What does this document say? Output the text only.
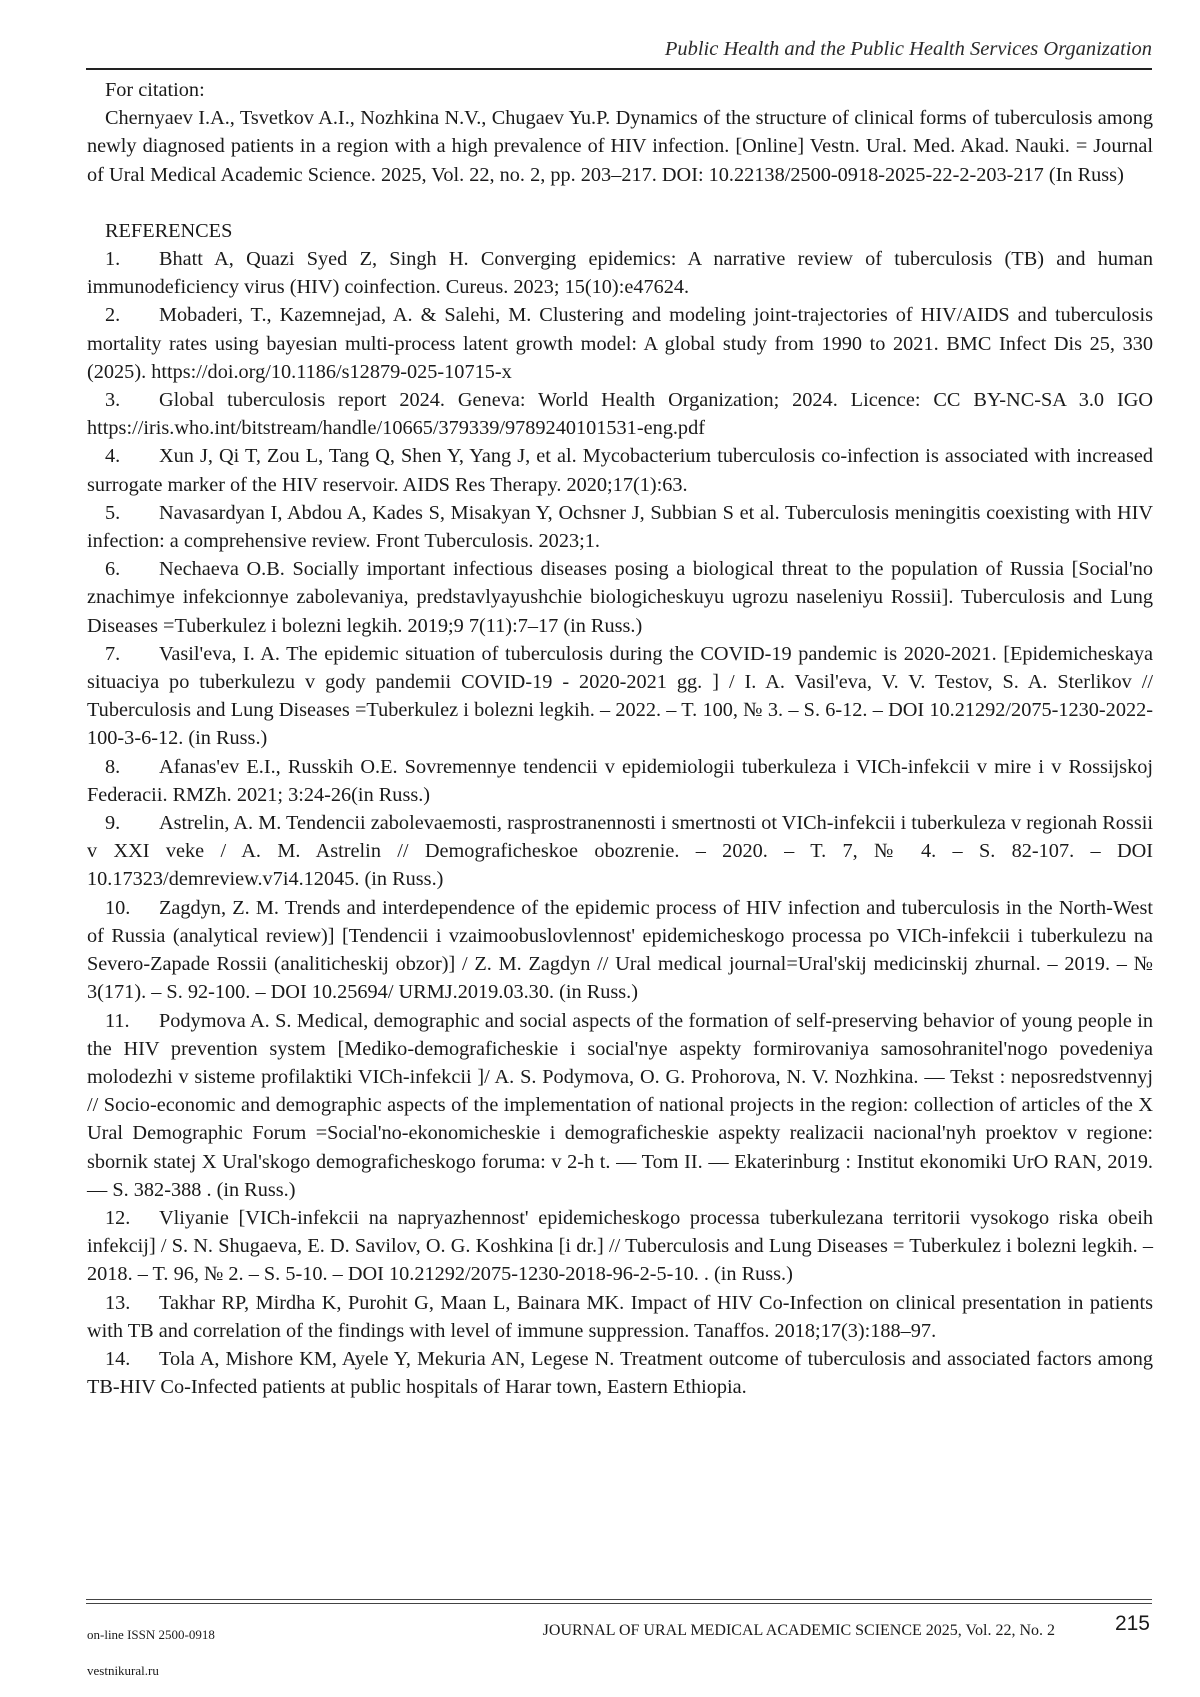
Public Health and the Public Health Services Organization

For citation:

Chernyaev I.A., Tsvetkov A.I., Nozhkina N.V., Chugaev Yu.P. Dynamics of the structure of clinical forms of tuberculosis among newly diagnosed patients in a region with a high prevalence of HIV infection. [Online] Vestn. Ural. Med. Akad. Nauki. = Journal of Ural Medical Academic Science. 2025, Vol. 22, no. 2, pp. 203–217. DOI: 10.22138/2500-0918-2025-22-2-203-217 (In Russ)

REFERENCES

1. Bhatt A, Quazi Syed Z, Singh H. Converging epidemics: A narrative review of tuberculosis (TB) and human immunodeficiency virus (HIV) coinfection. Cureus. 2023; 15(10):e47624.

2. Mobaderi, T., Kazemnejad, A. & Salehi, M. Clustering and modeling joint-trajectories of HIV/AIDS and tuberculosis mortality rates using bayesian multi-process latent growth model: A global study from 1990 to 2021. BMC Infect Dis 25, 330 (2025). https://doi.org/10.1186/s12879-025-10715-x

3. Global tuberculosis report 2024. Geneva: World Health Organization; 2024. Licence: CC BY-NC-SA 3.0 IGO https://iris.who.int/bitstream/handle/10665/379339/9789240101531-eng.pdf

4. Xun J, Qi T, Zou L, Tang Q, Shen Y, Yang J, et al. Mycobacterium tuberculosis co-infection is associated with increased surrogate marker of the HIV reservoir. AIDS Res Therapy. 2020;17(1):63.

5. Navasardyan I, Abdou A, Kades S, Misakyan Y, Ochsner J, Subbian S et al. Tuberculosis meningitis coexisting with HIV infection: a comprehensive review. Front Tuberculosis. 2023;1.

6. Nechaeva O.B. Socially important infectious diseases posing a biological threat to the population of Russia [Social'no znachimye infekcionnye zabolevaniya, predstavlyayushchie biologicheskuyu ugrozu naseleniyu Rossii]. Tuberculosis and Lung Diseases =Tuberkulez i bolezni legkih. 2019;9 7(11):7–17 (in Russ.)

7. Vasil'eva, I. A. The epidemic situation of tuberculosis during the COVID-19 pandemic is 2020-2021. [Epidemicheskaya situaciya po tuberkulezu v gody pandemii COVID-19 - 2020-2021 gg. ] / I. A. Vasil'eva, V. V. Testov, S. A. Sterlikov // Tuberculosis and Lung Diseases =Tuberkulez i bolezni legkih. – 2022. – T. 100, № 3. – S. 6-12. – DOI 10.21292/2075-1230-2022-100-3-6-12. (in Russ.)

8. Afanas'ev E.I., Russkih O.E. Sovremennye tendencii v epidemiologii tuberkuleza i VICh-infekcii v mire i v Rossijskoj Federacii. RMZh. 2021; 3:24-26(in Russ.)

9. Astrelin, A. M. Tendencii zabolevaemosti, rasprostranennosti i smertnosti ot VICh-infekcii i tuberkuleza v regionah Rossii v XXI veke / A. M. Astrelin // Demograficheskoe obozrenie. – 2020. – T. 7, № 4. – S. 82-107. – DOI 10.17323/demreview.v7i4.12045. (in Russ.)

10. Zagdyn, Z. M. Trends and interdependence of the epidemic process of HIV infection and tuberculosis in the North-West of Russia (analytical review)] [Tendencii i vzaimoobuslovlennost' epidemicheskogo processa po VICh-infekcii i tuberkulezu na Severo-Zapade Rossii (analiticheskij obzor)] / Z. M. Zagdyn // Ural medical journal=Ural'skij medicinskij zhurnal. – 2019. – № 3(171). – S. 92-100. – DOI 10.25694/ URMJ.2019.03.30. (in Russ.)

11. Podymova A. S. Medical, demographic and social aspects of the formation of self-preserving behavior of young people in the HIV prevention system [Mediko-demograficheskie i social'nye aspekty formirovaniya samosohranitel'nogo povedeniya molodezhi v sisteme profilaktiki VICh-infekcii ]/ A. S. Podymova, O. G. Prohorova, N. V. Nozhkina. — Tekst : neposredstvennyj // Socio-economic and demographic aspects of the implementation of national projects in the region: collection of articles of the X Ural Demographic Forum =Social'no-ekonomicheskie i demograficheskie aspekty realizacii nacional'nyh proektov v regione: sbornik statej X Ural'skogo demograficheskogo foruma: v 2-h t. — Tom II. — Ekaterinburg : Institut ekonomiki UrO RAN, 2019. — S. 382-388 . (in Russ.)

12. Vliyanie [VICh-infekcii na napryazhennost' epidemicheskogo processa tuberkulezana territorii vysokogo riska obeih infekcij] / S. N. Shugaeva, E. D. Savilov, O. G. Koshkina [i dr.] // Tuberculosis and Lung Diseases = Tuberkulez i bolezni legkih. – 2018. – T. 96, № 2. – S. 5-10. – DOI 10.21292/2075-1230-2018-96-2-5-10. . (in Russ.)

13. Takhar RP, Mirdha K, Purohit G, Maan L, Bainara MK. Impact of HIV Co-Infection on clinical presentation in patients with TB and correlation of the findings with level of immune suppression. Tanaffos. 2018;17(3):188–97.

14. Tola A, Mishore KM, Ayele Y, Mekuria AN, Legese N. Treatment outcome of tuberculosis and associated factors among TB-HIV Co-Infected patients at public hospitals of Harar town, Eastern Ethiopia.

on-line ISSN 2500-0918	JOURNAL OF URAL MEDICAL ACADEMIC SCIENCE 2025, Vol. 22, No. 2	215
vestnikural.ru
